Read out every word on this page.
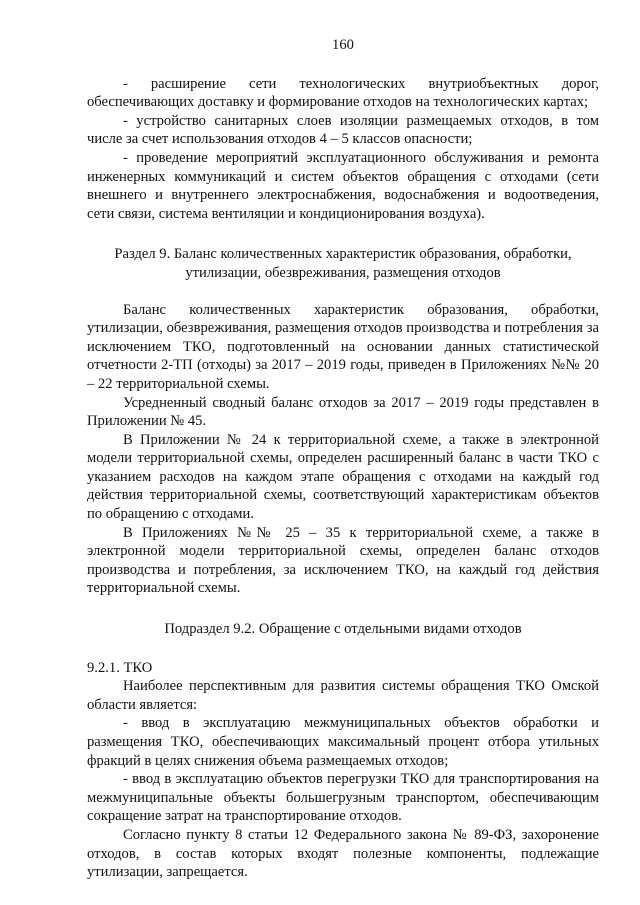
160

- расширение сети технологических внутриобъектных дорог, обеспечивающих доставку и формирование отходов на технологических картах;

- устройство санитарных слоев изоляции размещаемых отходов, в том числе за счет использования отходов 4 – 5 классов опасности;

- проведение мероприятий эксплуатационного обслуживания и ремонта инженерных коммуникаций и систем объектов обращения с отходами (сети внешнего и внутреннего электроснабжения, водоснабжения и водоотведения, сети связи, система вентиляции и кондиционирования воздуха).

Раздел 9. Баланс количественных характеристик образования, обработки, утилизации, обезвреживания, размещения отходов

Баланс количественных характеристик образования, обработки, утилизации, обезвреживания, размещения отходов производства и потребления за исключением ТКО, подготовленный на основании данных статистической отчетности 2-ТП (отходы) за 2017 – 2019 годы, приведен в Приложениях №№ 20 – 22 территориальной схемы.

Усредненный сводный баланс отходов за 2017 – 2019 годы представлен в Приложении № 45.

В Приложении № 24 к территориальной схеме, а также в электронной модели территориальной схемы, определен расширенный баланс в части ТКО с указанием расходов на каждом этапе обращения с отходами на каждый год действия территориальной схемы, соответствующий характеристикам объектов по обращению с отходами.

В Приложениях №№ 25 – 35 к территориальной схеме, а также в электронной модели территориальной схемы, определен баланс отходов производства и потребления, за исключением ТКО, на каждый год действия территориальной схемы.

Подраздел 9.2. Обращение с отдельными видами отходов

9.2.1. ТКО

Наиболее перспективным для развития системы обращения ТКО Омской области является:

- ввод в эксплуатацию межмуниципальных объектов обработки и размещения ТКО, обеспечивающих максимальный процент отбора утильных фракций в целях снижения объема размещаемых отходов;

- ввод в эксплуатацию объектов перегрузки ТКО для транспортирования на межмуниципальные объекты большегрузным транспортом, обеспечивающим сокращение затрат на транспортирование отходов.

Согласно пункту 8 статьи 12 Федерального закона № 89-ФЗ, захоронение отходов, в состав которых входят полезные компоненты, подлежащие утилизации, запрещается.
